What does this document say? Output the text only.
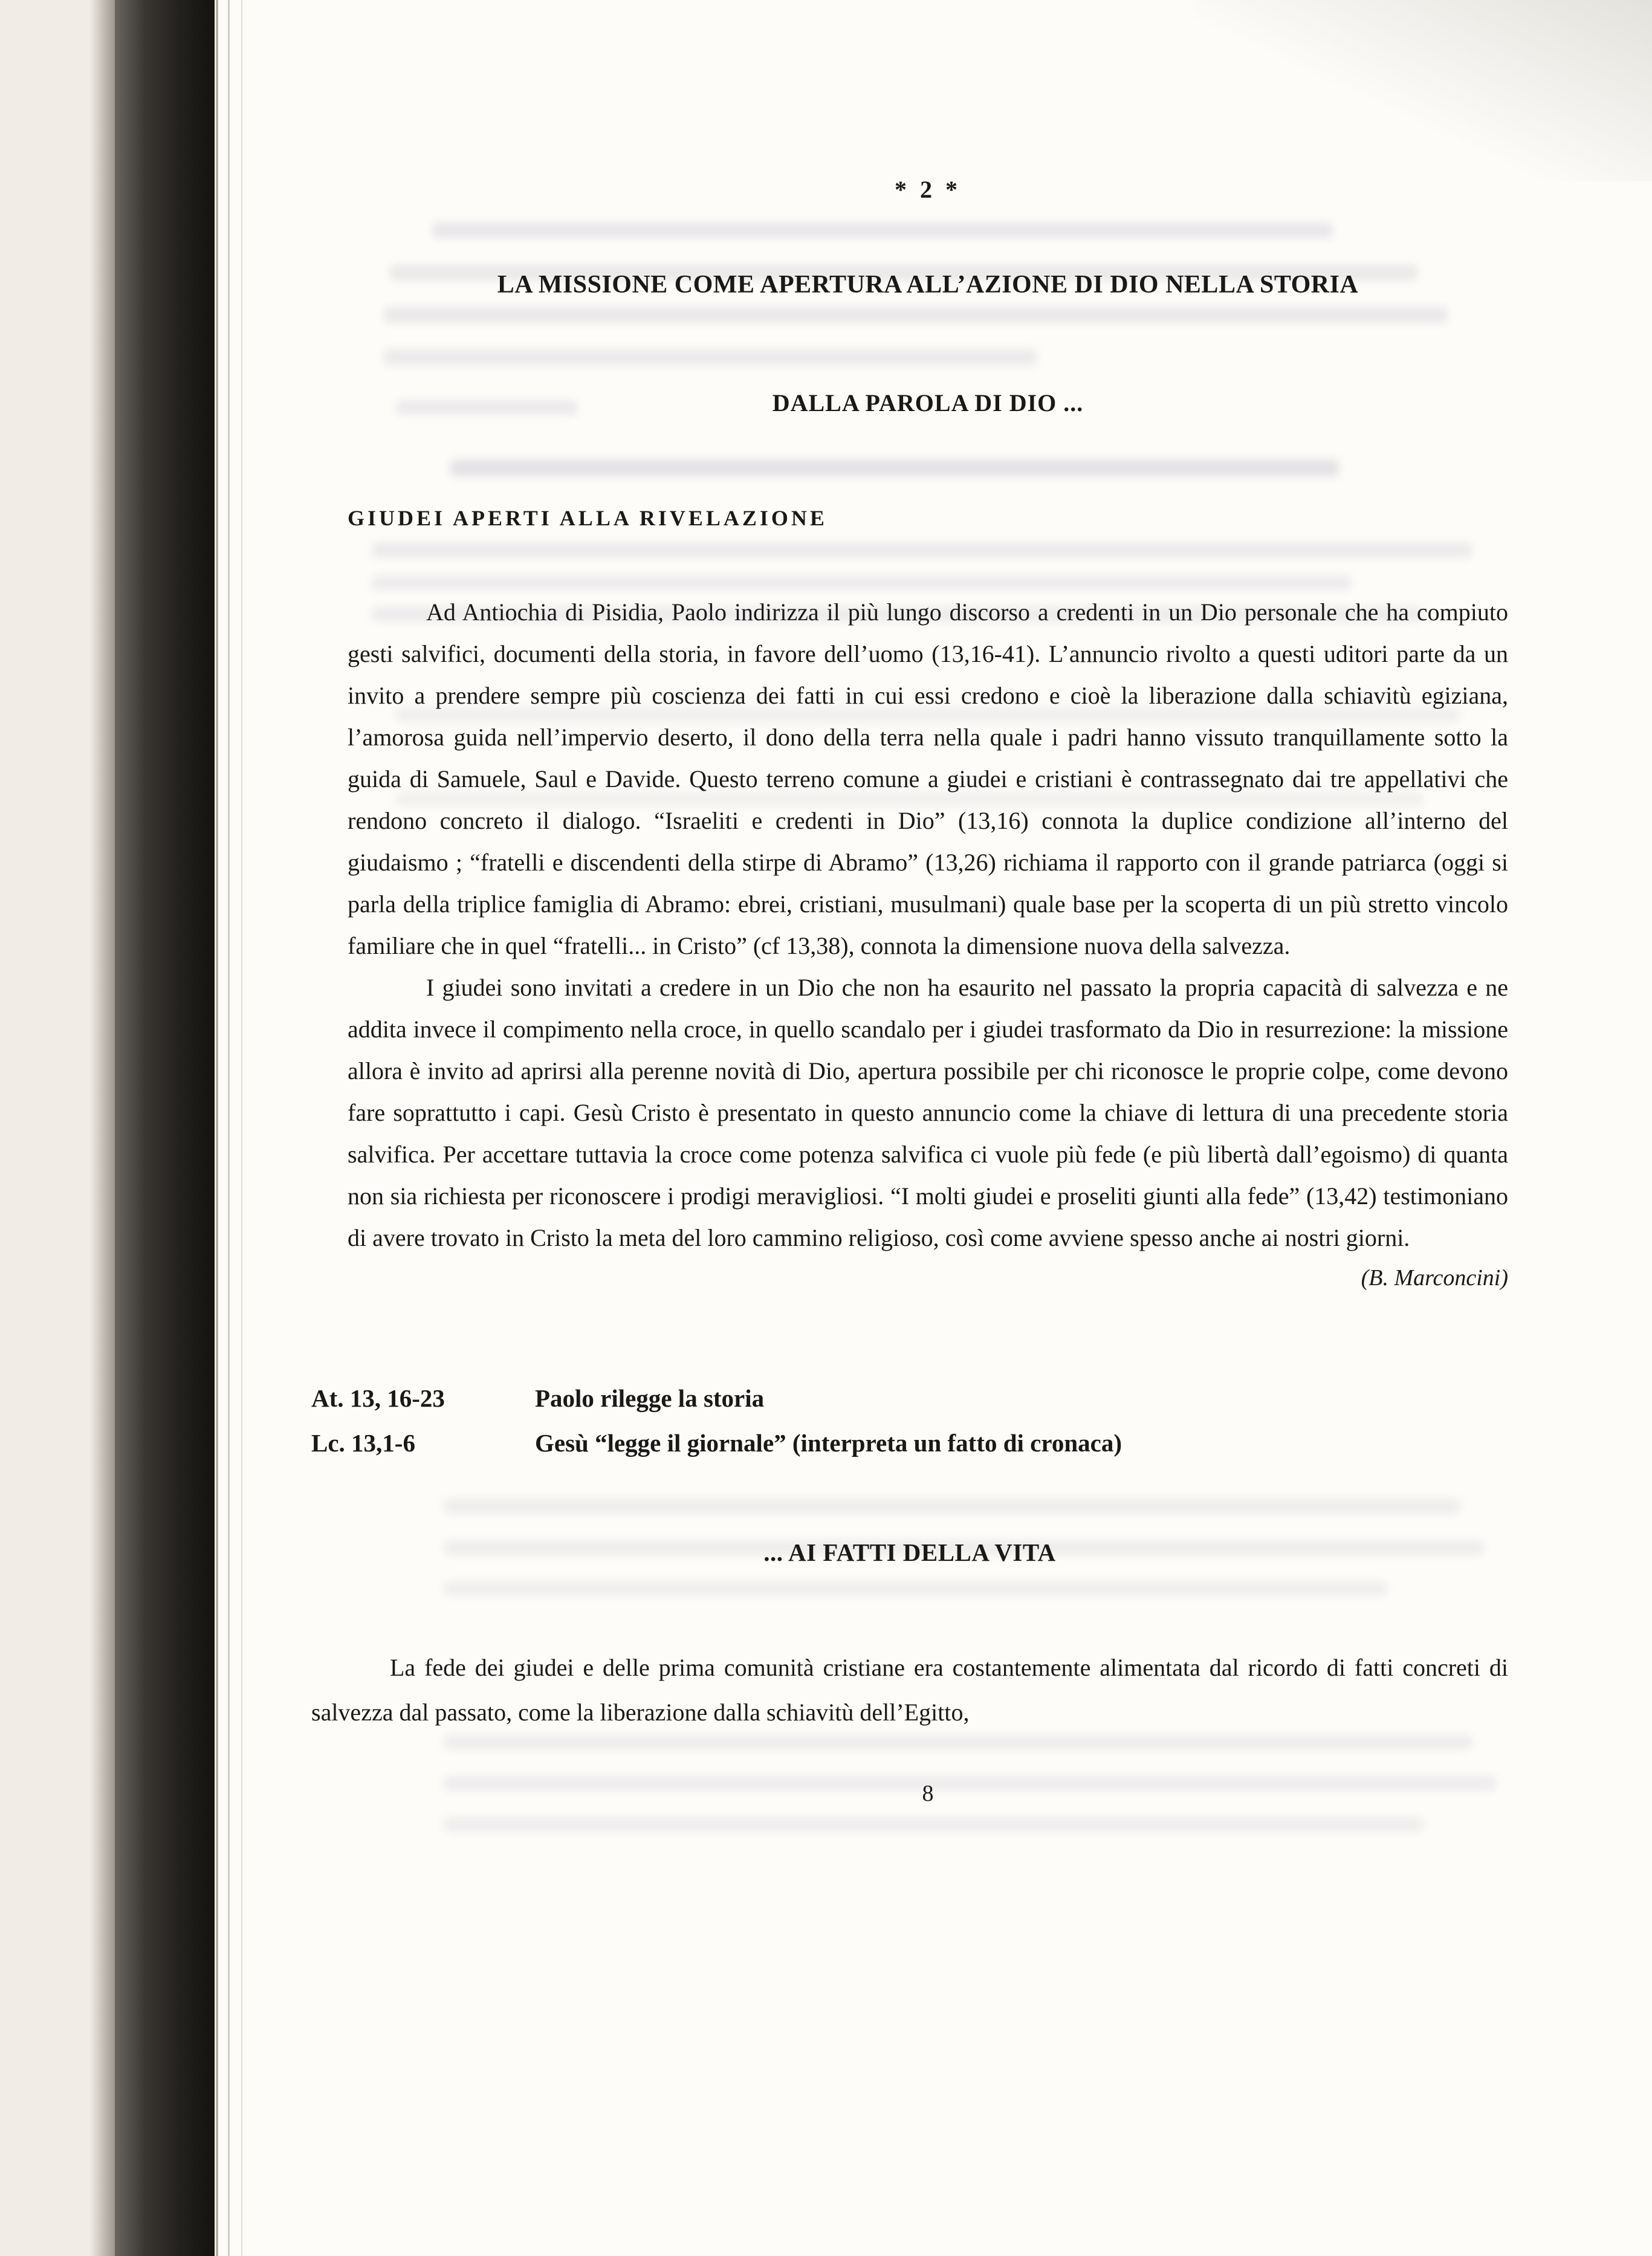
* 2 *
LA MISSIONE COME APERTURA ALL’AZIONE DI DIO NELLA STORIA
DALLA PAROLA DI DIO ...
GIUDEI APERTI ALLA RIVELAZIONE

Ad Antiochia di Pisidia, Paolo indirizza il più lungo discorso a credenti in un Dio personale che ha compiuto gesti salvifici, documenti della storia, in favore dell’uomo (13,16-41). L’annuncio rivolto a questi uditori parte da un invito a prendere sempre più coscienza dei fatti in cui essi credono e cioè la liberazione dalla schiavitù egiziana, l’amorosa guida nell’impervio deserto, il dono della terra nella quale i padri hanno vissuto tranquillamente sotto la guida di Samuele, Saul e Davide. Questo terreno comune a giudei e cristiani è contrassegnato dai tre appellativi che rendono concreto il dialogo. “Israeliti e credenti in Dio” (13,16) connota la duplice condizione all’interno del giudaismo ; “fratelli e discendenti della stirpe di Abramo” (13,26) richiama il rapporto con il grande patriarca (oggi si parla della triplice famiglia di Abramo: ebrei, cristiani, musulmani) quale base per la scoperta di un più stretto vincolo familiare che in quel “fratelli... in Cristo” (cf 13,38), connota la dimensione nuova della salvezza.

I giudei sono invitati a credere in un Dio che non ha esaurito nel passato la propria capacità di salvezza e ne addita invece il compimento nella croce, in quello scandalo per i giudei trasformato da Dio in resurrezione: la missione allora è invito ad aprirsi alla perenne novità di Dio, apertura possibile per chi riconosce le proprie colpe, come devono fare soprattutto i capi. Gesù Cristo è presentato in questo annuncio come la chiave di lettura di una precedente storia salvifica. Per accettare tuttavia la croce come potenza salvifica ci vuole più fede (e più libertà dall’egoismo) di quanta non sia richiesta per riconoscere i prodigi meravigliosi. “I molti giudei e proseliti giunti alla fede” (13,42) testimoniano di avere trovato in Cristo la meta del loro cammino religioso, così come avviene spesso anche ai nostri giorni.

(B. Marconcini)
At. 13, 16-23	Paolo rilegge la storia
Lc. 13,1-6	Gesù “legge il giornale” (interpreta un fatto di cronaca)
... AI FATTI DELLA VITA

La fede dei giudei e delle prima comunità cristiane era costantemente alimentata dal ricordo di fatti concreti di salvezza dal passato, come la liberazione dalla schiavitù dell’Egitto,

8
